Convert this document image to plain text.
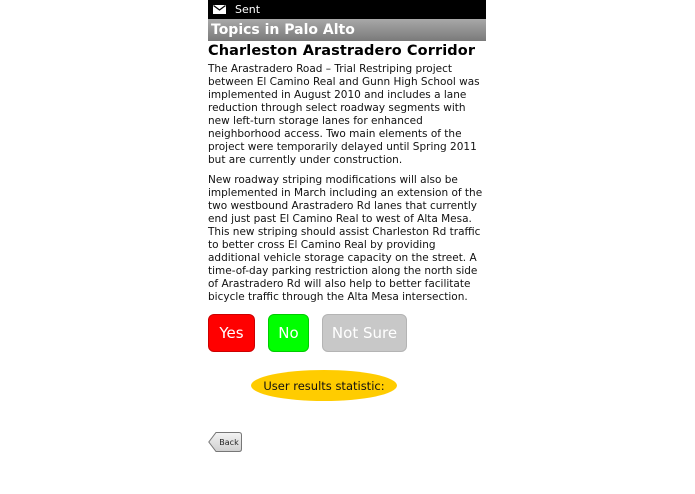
Sent
Topics in Palo Alto
Charleston Arastradero Corridor

The Arastradero Road – Trial Restriping project between El Camino Real and Gunn High School was implemented in August 2010 and includes a lane reduction through select roadway segments with new left-turn storage lanes for enhanced neighborhood access. Two main elements of the project were temporarily delayed until Spring 2011 but are currently under construction.

New roadway striping modifications will also be implemented in March including an extension of the two westbound Arastradero Rd lanes that currently end just past El Camino Real to west of Alta Mesa. This new striping should assist Charleston Rd traffic to better cross El Camino Real by providing additional vehicle storage capacity on the street. A time-of-day parking restriction along the north side of Arastradero Rd will also help to better facilitate bicycle traffic through the Alta Mesa intersection.

Yes	No	Not Sure
User results statistic:
Back
